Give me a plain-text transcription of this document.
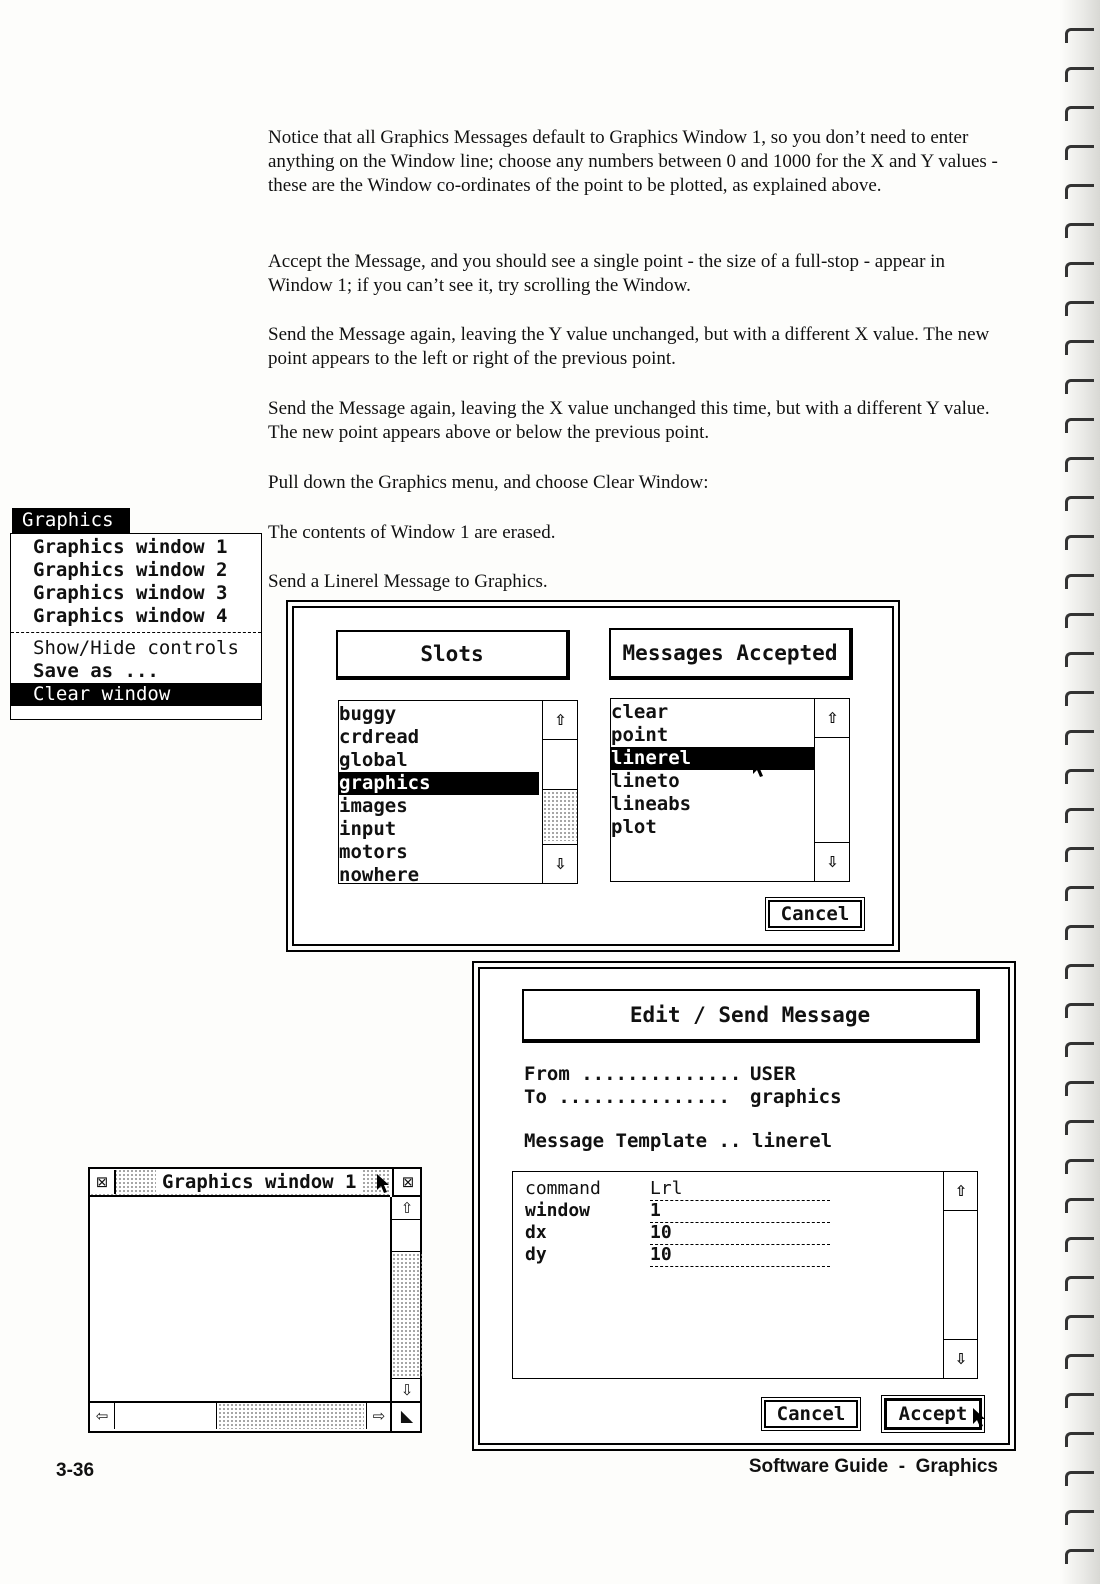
Notice that all Graphics Messages default to Graphics Window 1, so you don’t need to enter anything on the Window line; choose any numbers between 0 and 1000 for the X and Y values - these are the Window co-ordinates of the point to be plotted, as explained above.

Accept the Message, and you should see a single point - the size of a full-stop - appear in Window 1; if you can’t see it, try scrolling the Window.

Send the Message again, leaving the Y value unchanged, but with a different X value. The new point appears to the left or right of the previous point.

Send the Message again, leaving the X value unchanged this time, but with a different Y value. The new point appears above or below the previous point.

Pull down the Graphics menu, and choose Clear Window:

The contents of Window 1 are erased.

Send a Linerel Message to Graphics.

Graphics
Graphics window 1
Graphics window 2
Graphics window 3
Graphics window 4
Show/Hide controls
Save as ...
Clear window
Slots	Messages Accepted
buggy
crdread
global
graphics
images
input
motors
nowhere
⇧
⇩
clear
point
linerel
lineto
lineabs
plot
⇧
⇩
Cancel
Edit / Send Message
From .............. USER
To ............... graphics
Message Template .. linerel
command	Lrl
window	1
dx	10
dy	10
⇧
⇩
Cancel	Accept
⊠	Graphics window 1	⊠
⇧
⇩
⇦	⇨ ◣
3-36	Software Guide  -  Graphics
